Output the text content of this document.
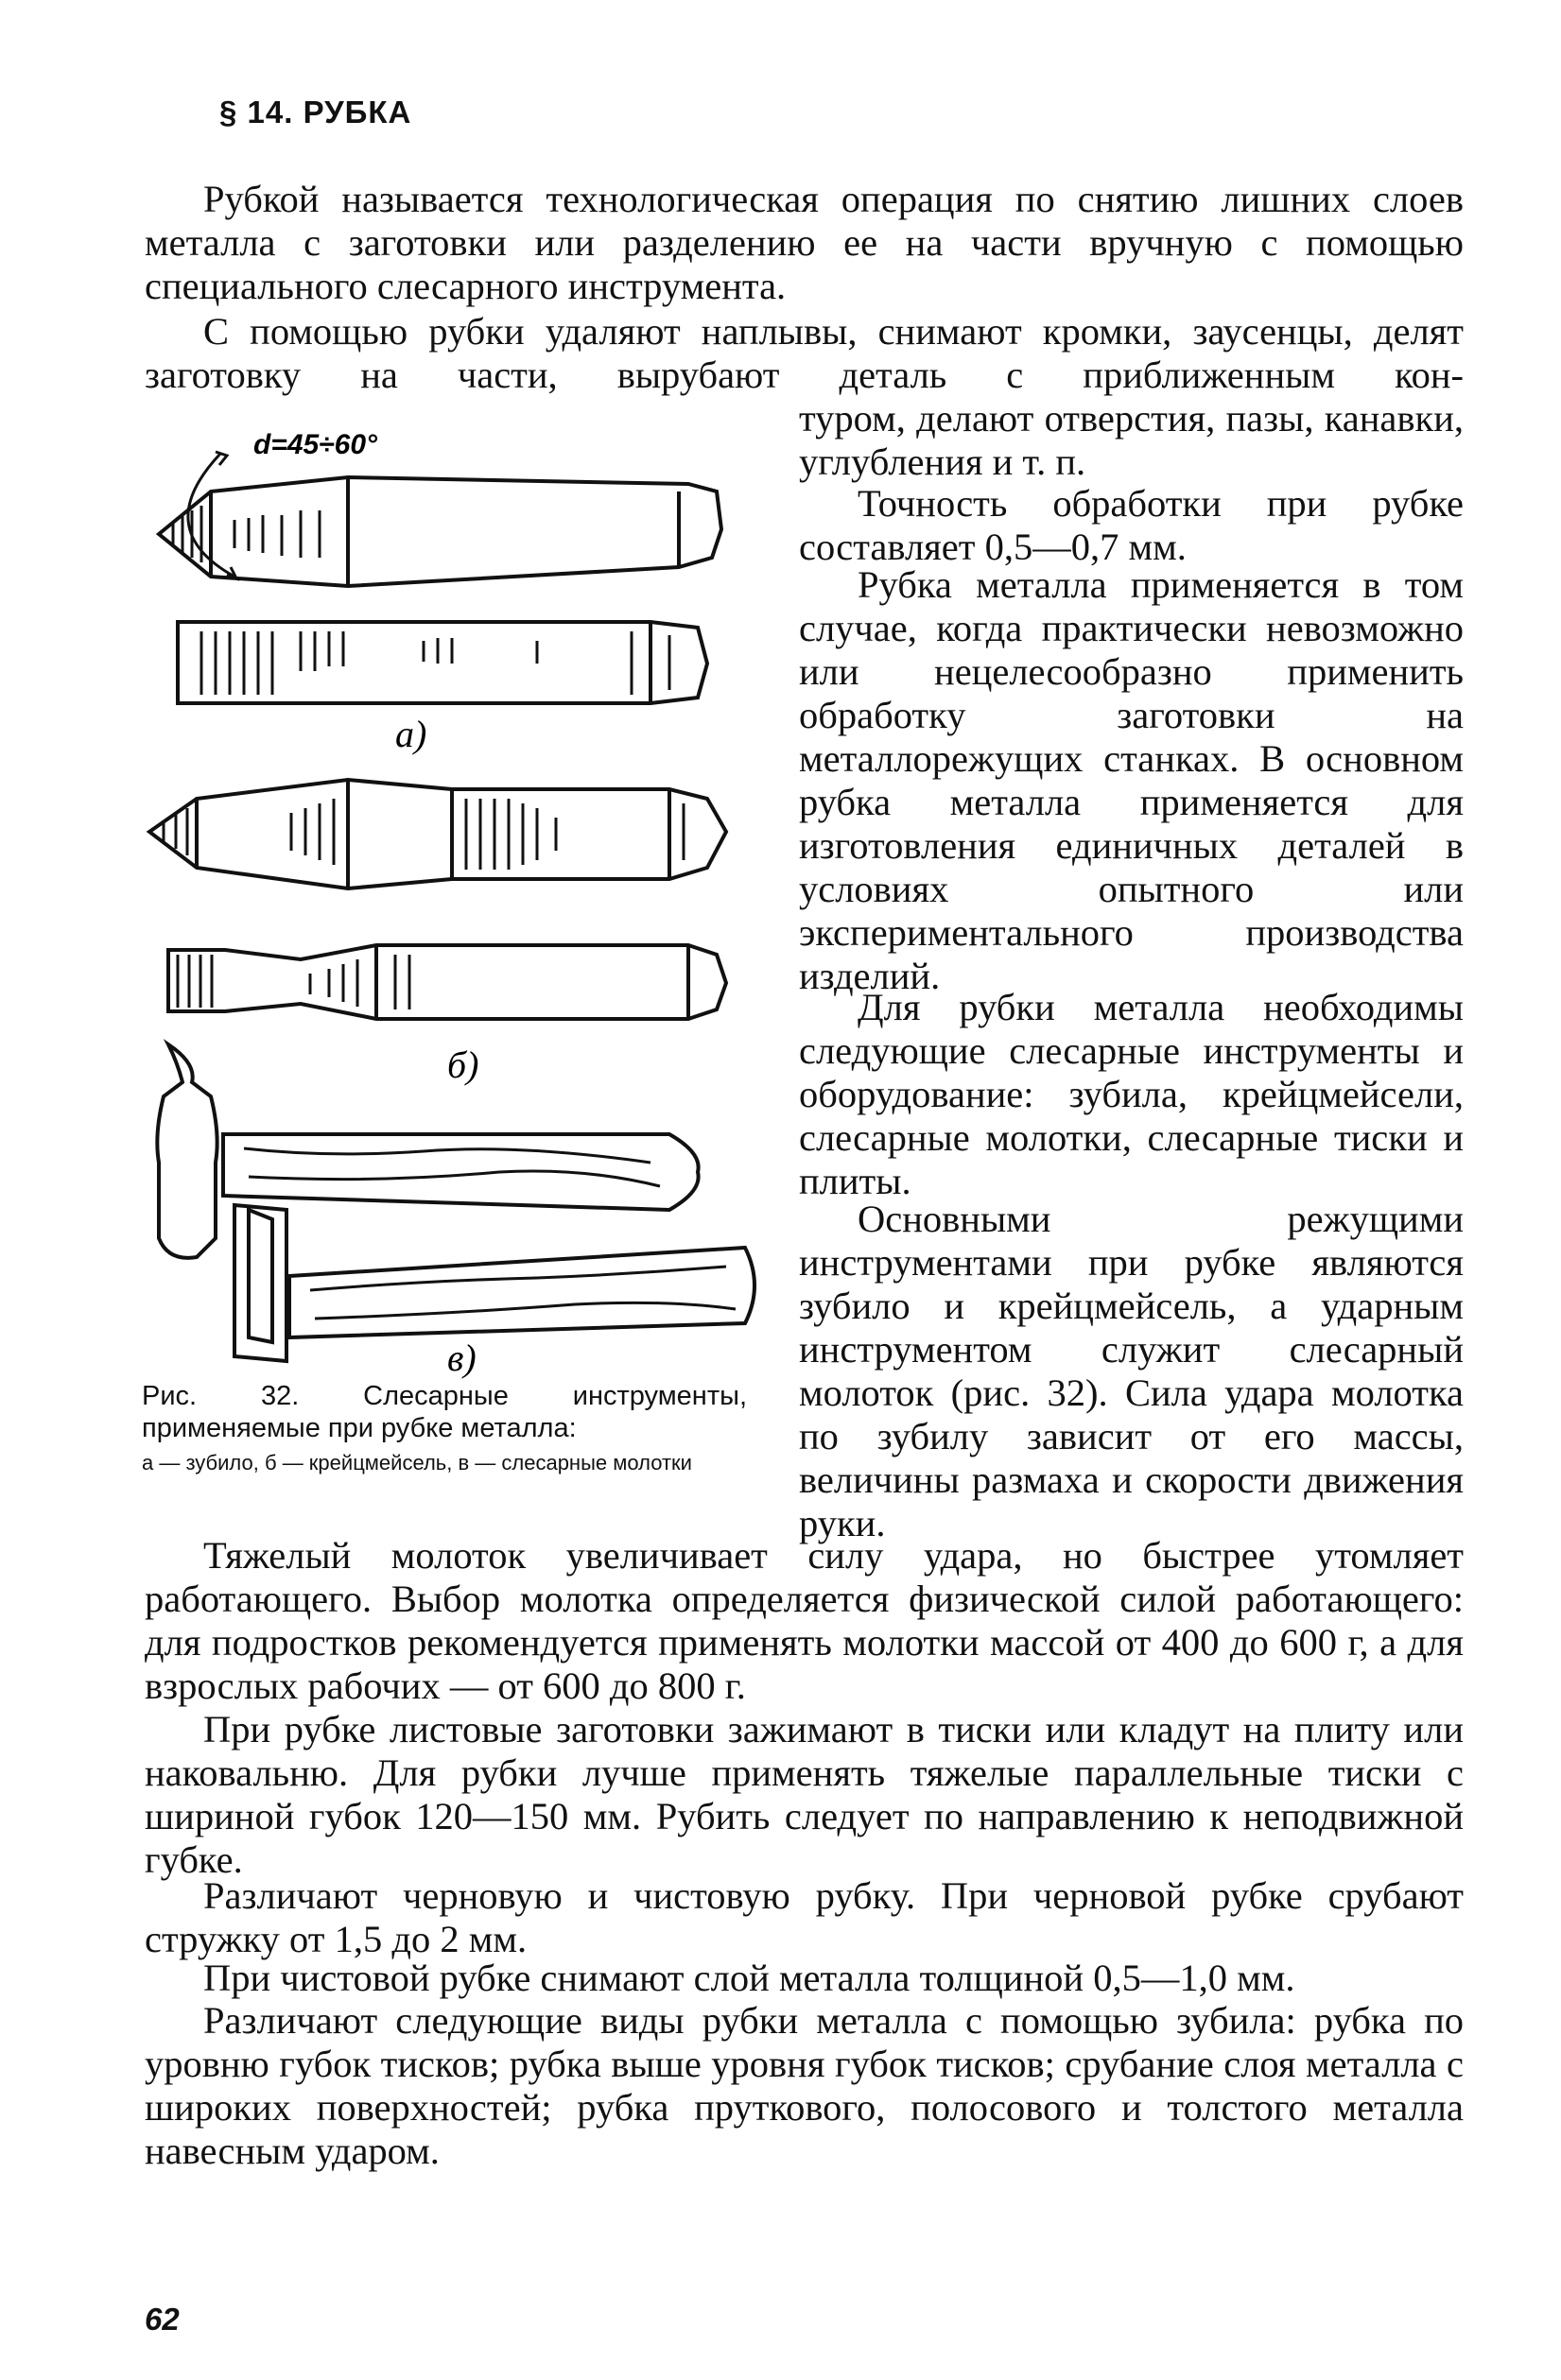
§ 14. РУБКА

Рубкой называется технологическая операция по снятию лишних слоев металла с заготовки или разделению ее на части вручную с помощью специального слесарного инструмента.

С помощью рубки удаляют наплывы, снимают кромки, заусенцы, делят заготовку на части, вырубают деталь с приближенным кон-

туром, делают отверстия, пазы, канавки, углубления и т. п.

Точность обработки при рубке составляет 0,5—0,7 мм.

Рубка металла применяется в том случае, когда практически невозможно или нецелесообразно применить обработку заготовки на металлорежущих станках. В основном рубка металла применяется для изготовления единичных деталей в условиях опытного или экспериментального производства изделий.

Для рубки металла необходимы следующие слесарные инструменты и оборудование: зубила, крейцмейсели, слесарные молотки, слесарные тиски и плиты.

Основными режущими инструментами при рубке являются зубило и крейцмейсель, а ударным инструментом служит слесарный молоток (рис. 32). Сила удара молотка по зубилу зависит от его массы, величины размаха и скорости движения руки.

Тяжелый молоток увеличивает силу удара, но быстрее утомляет работающего. Выбор молотка определяется физической силой работающего: для подростков рекомендуется применять молотки массой от 400 до 600 г, а для взрослых рабочих — от 600 до 800 г.

При рубке листовые заготовки зажимают в тиски или кладут на плиту или наковальню. Для рубки лучше применять тяжелые параллельные тиски с шириной губок 120—150 мм. Рубить следует по направлению к неподвижной губке.

Различают черновую и чистовую рубку. При черновой рубке срубают стружку от 1,5 до 2 мм.

При чистовой рубке снимают слой металла толщиной 0,5—1,0 мм.

Различают следующие виды рубки металла с помощью зубила: рубка по уровню губок тисков; рубка выше уровня губок тисков; срубание слоя металла с широких поверхностей; рубка пруткового, полосового и толстого металла навесным ударом.

d=45÷60°
а)
б)
в)

Рис. 32. Слесарные инструменты, применяемые при рубке металла:

а — зубило, б — крейцмейсель, в — слесарные молотки

62
